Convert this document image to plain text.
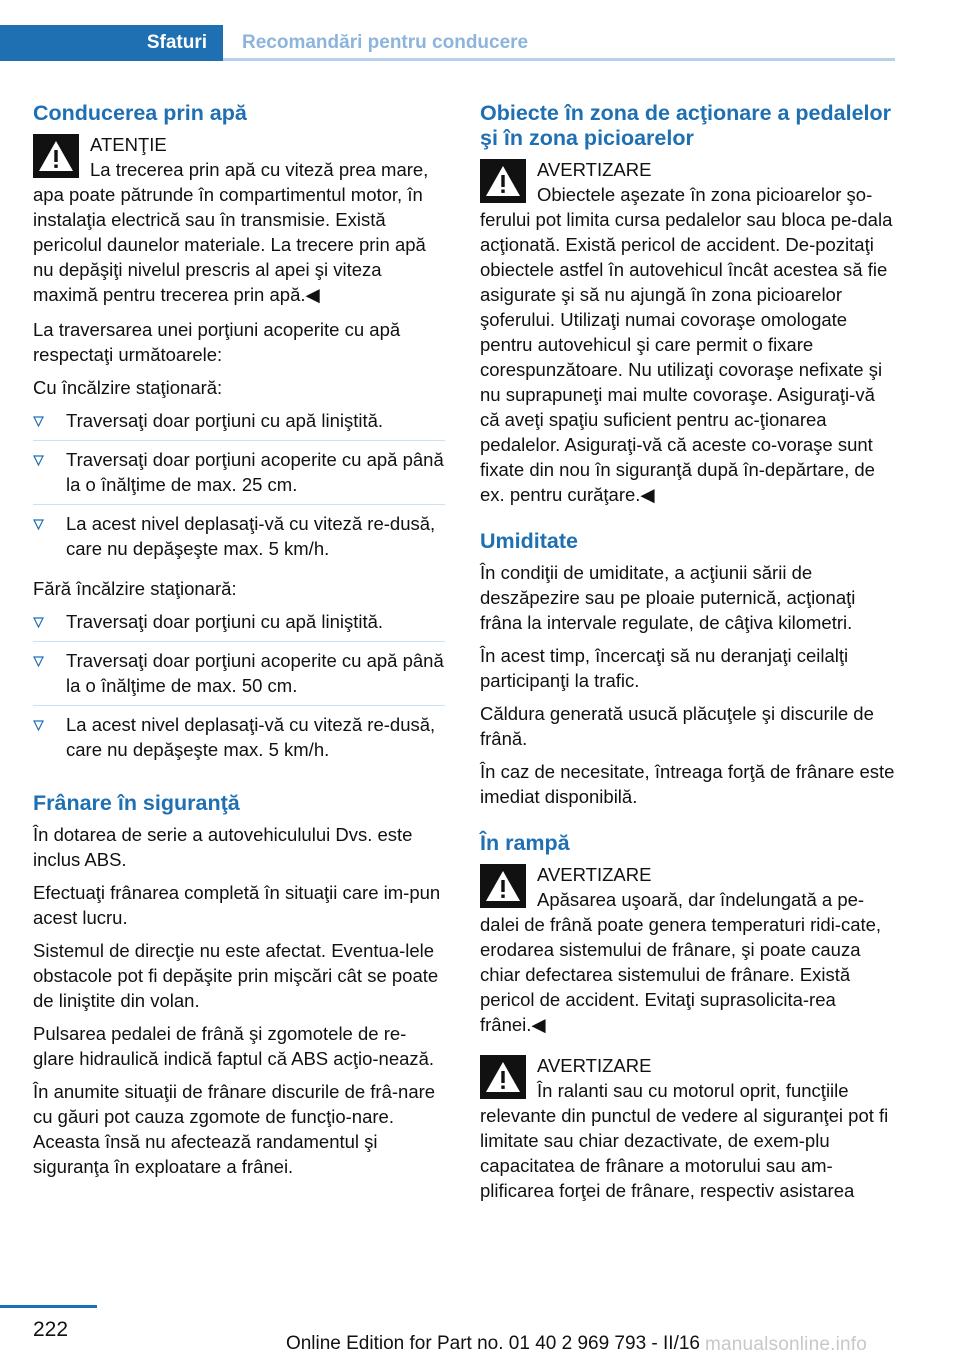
Sfaturi Recomandări pentru conducere
Conducerea prin apă
ATENŢIE
La trecerea prin apă cu viteză prea mare, apa poate pătrunde în compartimentul motor, în instalaţia electrică sau în transmisie. Există pericolul daunelor materiale. La trecere prin apă nu depăşiţi nivelul prescris al apei şi viteza maximă pentru trecerea prin apă.◀

La traversarea unei porţiuni acoperite cu apă respectaţi următoarele:

Cu încălzire staţionară:

Traversaţi doar porţiuni cu apă liniştită.
Traversaţi doar porţiuni acoperite cu apă până la o înălţime de max. 25 cm.
La acest nivel deplasaţi-vă cu viteză re‐dusă, care nu depăşeşte max. 5 km/h.

Fără încălzire staţionară:

Traversaţi doar porţiuni cu apă liniştită.
Traversaţi doar porţiuni acoperite cu apă până la o înălţime de max. 50 cm.
La acest nivel deplasaţi-vă cu viteză re‐dusă, care nu depăşeşte max. 5 km/h.
Frânare în siguranţă

În dotarea de serie a autovehiculului Dvs. este inclus ABS.

Efectuaţi frânarea completă în situaţii care im‐pun acest lucru.

Sistemul de direcţie nu este afectat. Eventua‐lele obstacole pot fi depăşite prin mişcări cât se poate de liniştite din volan.

Pulsarea pedalei de frână şi zgomotele de re‐glare hidraulică indică faptul că ABS acţio‐nează.

În anumite situaţii de frânare discurile de frâ‐nare cu găuri pot cauza zgomote de funcţio‐nare. Aceasta însă nu afectează randamentul şi siguranţa în exploatare a frânei.

Obiecte în zona de acţionare a pedalelor şi în zona picioarelor
AVERTIZARE
Obiectele aşezate în zona picioarelor şo‐ferului pot limita cursa pedalelor sau bloca pe‐dala acţionată. Există pericol de accident. De‐pozitaţi obiectele astfel în autovehicul încât acestea să fie asigurate şi să nu ajungă în zona picioarelor şoferului. Utilizaţi numai covoraşe omologate pentru autovehicul şi care permit o fixare corespunzătoare. Nu utilizaţi covoraşe nefixate şi nu suprapuneţi mai multe covoraşe. Asiguraţi-vă că aveţi spaţiu suficient pentru ac‐ţionarea pedalelor. Asiguraţi-vă că aceste co‐voraşe sunt fixate din nou în siguranţă după în‐depărtare, de ex. pentru curăţare.◀
Umiditate

În condiţii de umiditate, a acţiunii sării de deszăpezire sau pe ploaie puternică, acţionaţi frâna la intervale regulate, de câţiva kilometri.

În acest timp, încercaţi să nu deranjaţi ceilalţi participanţi la trafic.

Căldura generată usucă plăcuţele şi discurile de frână.

În caz de necesitate, întreaga forţă de frânare este imediat disponibilă.

În rampă
AVERTIZARE
Apăsarea uşoară, dar îndelungată a pe‐dalei de frână poate genera temperaturi ridi‐cate, erodarea sistemului de frânare, şi poate cauza chiar defectarea sistemului de frânare. Există pericol de accident. Evitaţi suprasolicita‐rea frânei.◀
AVERTIZARE
În ralanti sau cu motorul oprit, funcţiile relevante din punctul de vedere al siguranţei pot fi limitate sau chiar dezactivate, de exem‐plu capacitatea de frânare a motorului sau am‐plificarea forţei de frânare, respectiv asistarea
222
Online Edition for Part no. 01 40 2 969 793 - II/16 manualsonline.info
